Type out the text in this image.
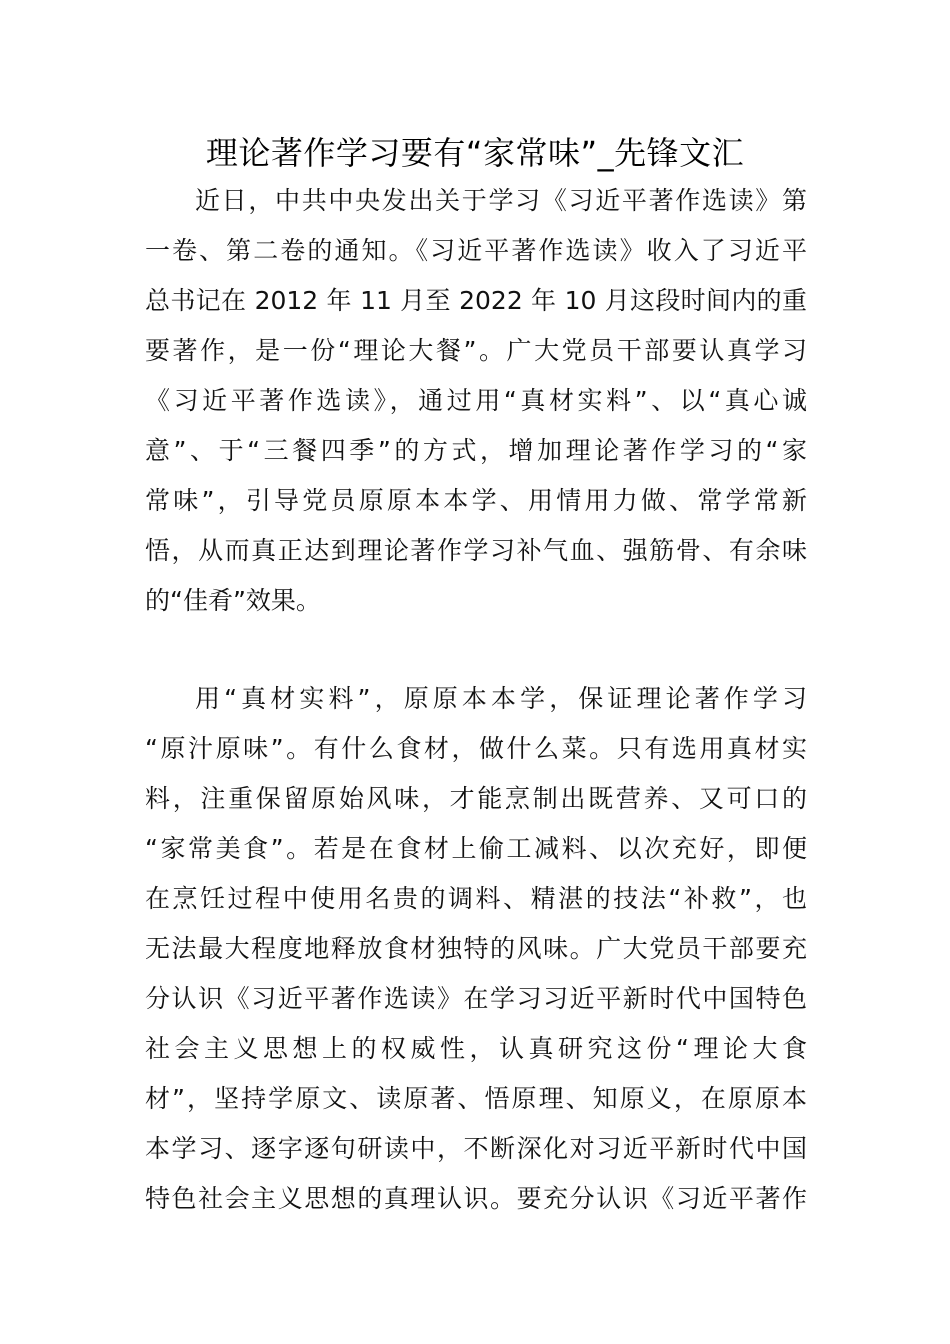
理论著作学习要有“家常味”_先锋文汇
近日，中共中央发出关于学习《习近平著作选读》第
一卷、第二卷的通知。《习近平著作选读》收入了习近平
总书记在 2012 年 11 月至 2022 年 10 月这段时间内的重
要著作，是一份“理论大餐”。广大党员干部要认真学习
《习近平著作选读》，通过用“真材实料”、以“真心诚
意”、于“三餐四季”的方式，增加理论著作学习的“家
常味”，引导党员原原本本学、用情用力做、常学常新
悟，从而真正达到理论著作学习补气血、强筋骨、有余味
的“佳肴”效果。
用“真材实料”，原原本本学，保证理论著作学习
“原汁原味”。有什么食材，做什么菜。只有选用真材实
料，注重保留原始风味，才能烹制出既营养、又可口的
“家常美食”。若是在食材上偷工减料、以次充好，即便
在烹饪过程中使用名贵的调料、精湛的技法“补救”，也
无法最大程度地释放食材独特的风味。广大党员干部要充
分认识《习近平著作选读》在学习习近平新时代中国特色
社会主义思想上的权威性，认真研究这份“理论大食
材”，坚持学原文、读原著、悟原理、知原义，在原原本
本学习、逐字逐句研读中，不断深化对习近平新时代中国
特色社会主义思想的真理认识。要充分认识《习近平著作
